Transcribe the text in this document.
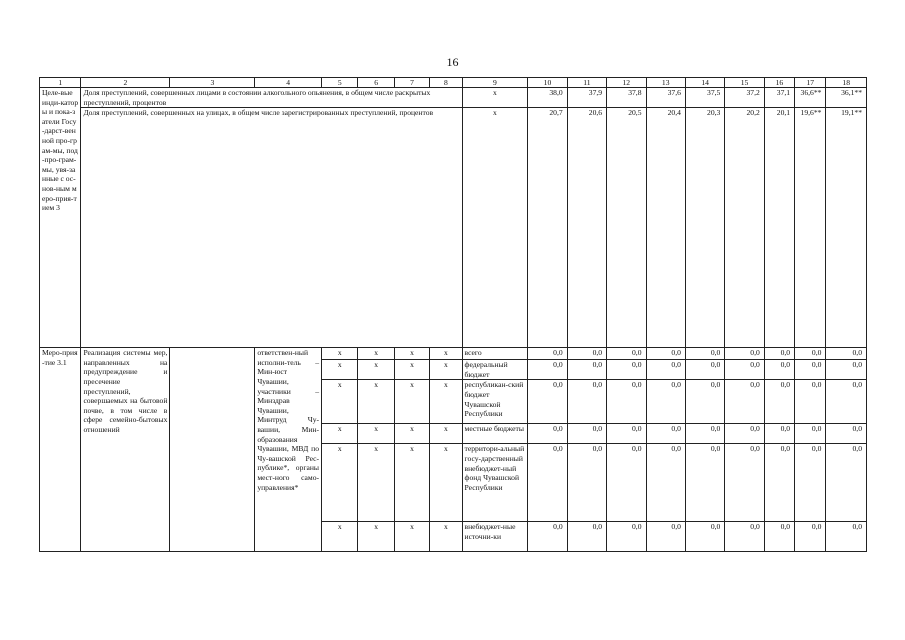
16
1	2	3	4	5	6	7	8	9	10	11	12	13	14	15	16	17	18
Целе-вые инди-каторы и пока-затели Госу-дарст-венной про-грам-мы, под-про-грам-мы, увя-занные с ос-нов-ным меро-прия-тием 3	Доля преступлений, совершенных лицами в состоянии алкогольного опьянения, в общем числе раскрытых преступлений, процентов							x	38,0	37,9	37,8	37,6	37,5	37,2	37,1	36,6**	36,1**
	Доля преступлений, совершенных на улицах, в общем числе зарегистрированных преступлений, процентов							x	20,7	20,6	20,5	20,4	20,3	20,2	20,1	19,6**	19,1**
Меро-прия-тие 3.1	Реализация системы мер, направленных на предупреждение и пресечение преступлений, совершаемых на бытовой почве, в том числе в сфере семейно-бытовых отношений		ответствен-ный исполни-тель – Мин-юст Чувашии, участники – Минздрав Чувашии, Минтруд Чу-вашии, Мин-образования Чувашии, МВД по Чу-вашской Рес-публике*, органы мест-ного само-управления*	x	x	x	x	всего	0,0	0,0	0,0	0,0	0,0	0,0	0,0	0,0	0,0
				x	x	x	x	федеральный бюджет	0,0	0,0	0,0	0,0	0,0	0,0	0,0	0,0	0,0
				x	x	x	x	республикан-ский бюджет Чувашской Республики	0,0	0,0	0,0	0,0	0,0	0,0	0,0	0,0	0,0
				x	x	x	x	местные бюджеты	0,0	0,0	0,0	0,0	0,0	0,0	0,0	0,0	0,0
				x	x	x	x	территори-альный госу-дарственный внебюджет-ный фонд Чувашской Республики	0,0	0,0	0,0	0,0	0,0	0,0	0,0	0,0	0,0
				x	x	x	x	внебюджет-ные источни-ки	0,0	0,0	0,0	0,0	0,0	0,0	0,0	0,0	0,0
